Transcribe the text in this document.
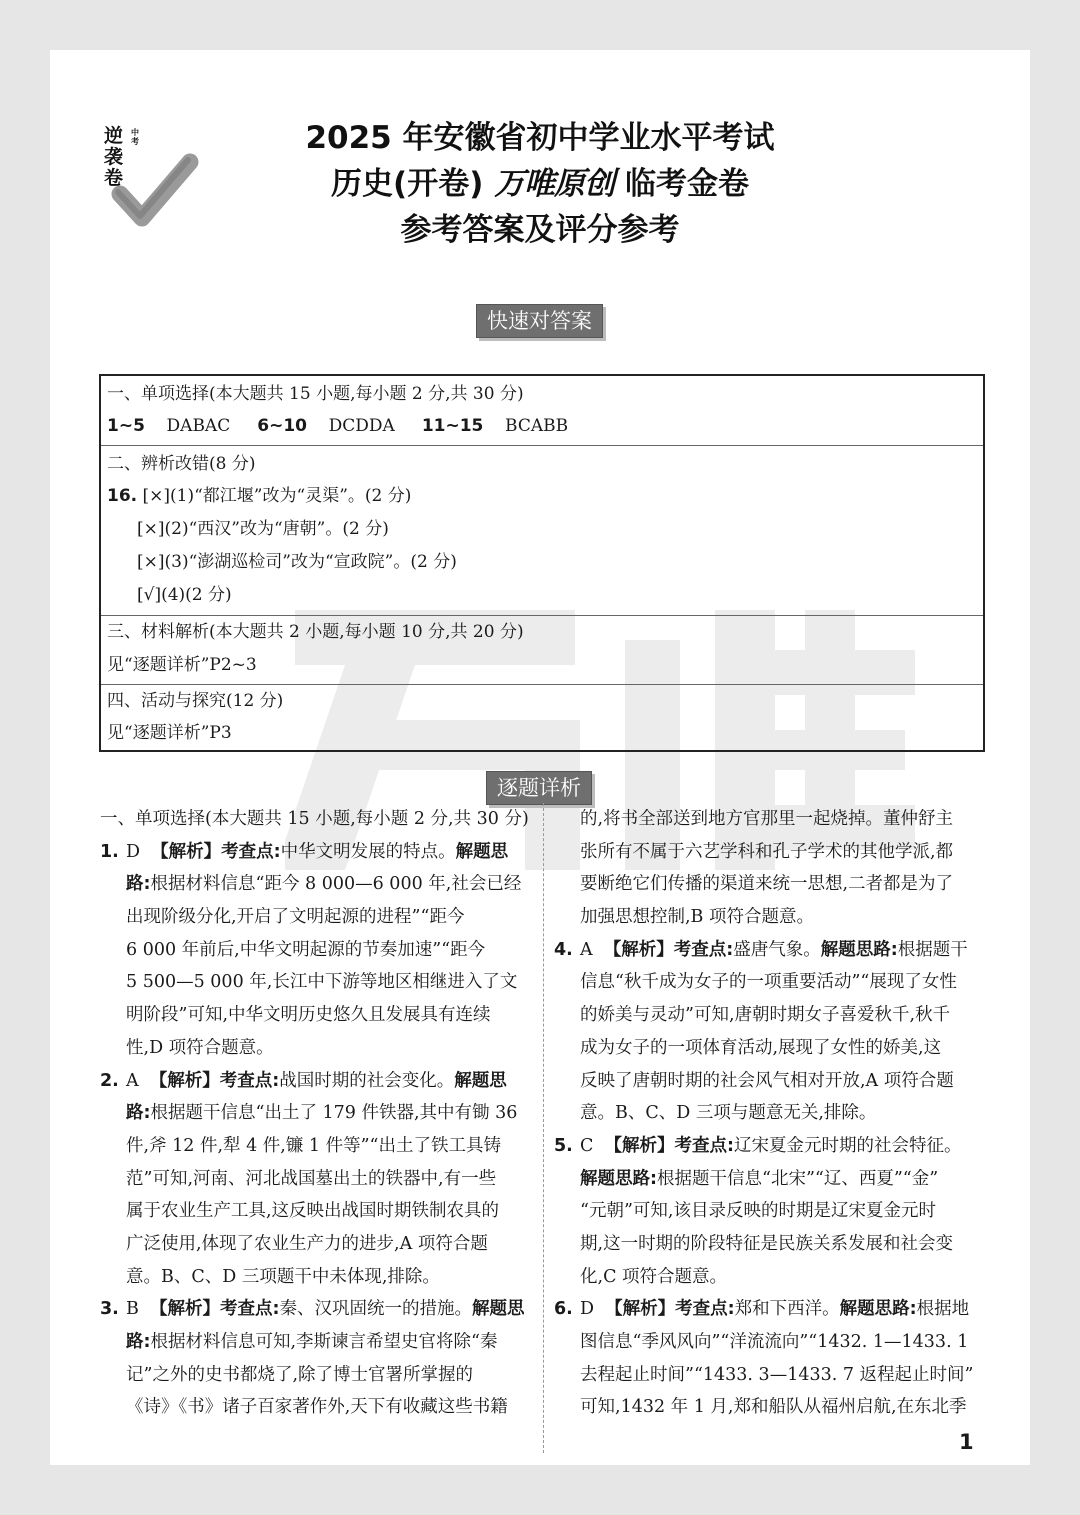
逆袭卷
中考	2025 年安徽省初中学业水平考试
历史(开卷) 万唯原创 临考金卷
参考答案及评分参考
万唯
快速对答案
一、单项选择(本大题共 15 小题,每小题 2 分,共 30 分)
1~5 DABAC 6~10 DCDDA 11~15 BCABB
二、辨析改错(8 分)
16. [×](1)“都江堰”改为“灵渠”。(2 分)
[×](2)“西汉”改为“唐朝”。(2 分)
[×](3)“澎湖巡检司”改为“宣政院”。(2 分)
[√](4)(2 分)
三、材料解析(本大题共 2 小题,每小题 10 分,共 20 分)
见“逐题详析”P2~3
四、活动与探究(12 分)
见“逐题详析”P3
逐题详析
一、单项选择(本大题共 15 小题,每小题 2 分,共 30 分)
1. D 【解析】考查点:中华文明发展的特点。解题思
路:根据材料信息“距今 8 000—6 000 年,社会已经
出现阶级分化,开启了文明起源的进程”“距今
6 000 年前后,中华文明起源的节奏加速”“距今
5 500—5 000 年,长江中下游等地区相继进入了文
明阶段”可知,中华文明历史悠久且发展具有连续
性,D 项符合题意。
2. A 【解析】考查点:战国时期的社会变化。解题思
路:根据题干信息“出土了 179 件铁器,其中有锄 36
件,斧 12 件,犁 4 件,镰 1 件等”“出土了铁工具铸
范”可知,河南、河北战国墓出土的铁器中,有一些
属于农业生产工具,这反映出战国时期铁制农具的
广泛使用,体现了农业生产力的进步,A 项符合题
意。B、C、D 三项题干中未体现,排除。
3. B 【解析】考查点:秦、汉巩固统一的措施。解题思
路:根据材料信息可知,李斯谏言希望史官将除“秦
记”之外的史书都烧了,除了博士官署所掌握的
《诗》《书》诸子百家著作外,天下有收藏这些书籍
的,将书全部送到地方官那里一起烧掉。董仲舒主
张所有不属于六艺学科和孔子学术的其他学派,都
要断绝它们传播的渠道来统一思想,二者都是为了
加强思想控制,B 项符合题意。
4. A 【解析】考查点:盛唐气象。解题思路:根据题干
信息“秋千成为女子的一项重要活动”“展现了女性
的娇美与灵动”可知,唐朝时期女子喜爱秋千,秋千
成为女子的一项体育活动,展现了女性的娇美,这
反映了唐朝时期的社会风气相对开放,A 项符合题
意。B、C、D 三项与题意无关,排除。
5. C 【解析】考查点:辽宋夏金元时期的社会特征。
解题思路:根据题干信息“北宋”“辽、西夏”“金”
“元朝”可知,该目录反映的时期是辽宋夏金元时
期,这一时期的阶段特征是民族关系发展和社会变
化,C 项符合题意。
6. D 【解析】考查点:郑和下西洋。解题思路:根据地
图信息“季风风向”“洋流流向”“1432. 1—1433. 1
去程起止时间”“1433. 3—1433. 7 返程起止时间”
可知,1432 年 1 月,郑和船队从福州启航,在东北季
1
